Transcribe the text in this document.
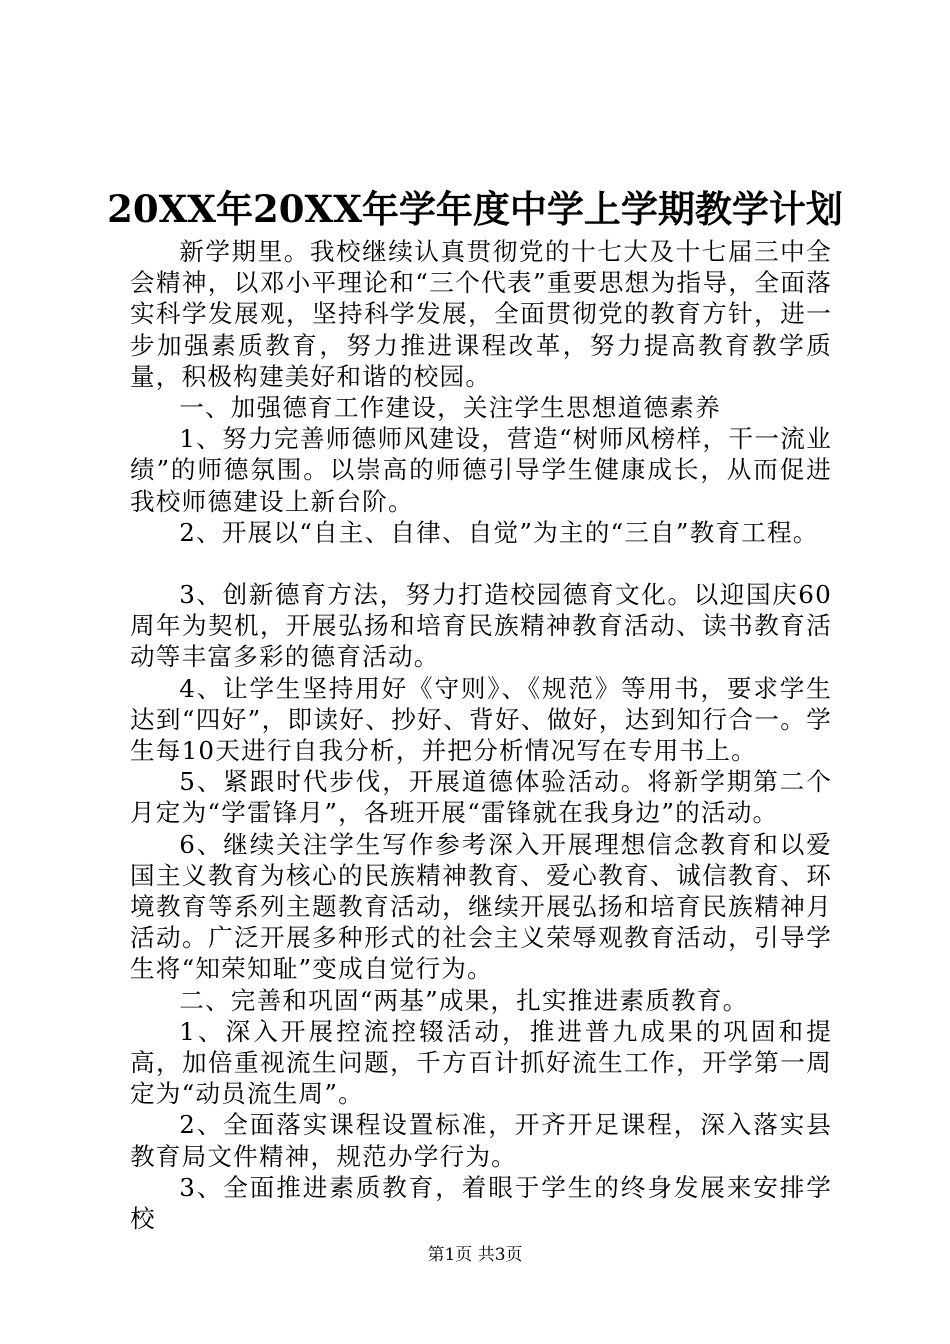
20XX年20XX年学年度中学上学期教学计划

新学期里。我校继续认真贯彻党的十七大及十七届三中全会精神，以邓小平理论和“三个代表”重要思想为指导，全面落实科学发展观，坚持科学发展，全面贯彻党的教育方针，进一步加强素质教育，努力推进课程改革，努力提高教育教学质量，积极构建美好和谐的校园。

一、加强德育工作建设，关注学生思想道德素养

1、努力完善师德师风建设，营造“树师风榜样，干一流业绩”的师德氛围。以崇高的师德引导学生健康成长，从而促进我校师德建设上新台阶。

2、开展以“自主、自律、自觉”为主的“三自”教育工程。

3、创新德育方法，努力打造校园德育文化。以迎国庆60周年为契机，开展弘扬和培育民族精神教育活动、读书教育活动等丰富多彩的德育活动。

4、让学生坚持用好《守则》、《规范》等用书，要求学生达到“四好”，即读好、抄好、背好、做好，达到知行合一。学生每10天进行自我分析，并把分析情况写在专用书上。

5、紧跟时代步伐，开展道德体验活动。将新学期第二个月定为“学雷锋月”，各班开展“雷锋就在我身边”的活动。

6、继续关注学生写作参考深入开展理想信念教育和以爱国主义教育为核心的民族精神教育、爱心教育、诚信教育、环境教育等系列主题教育活动，继续开展弘扬和培育民族精神月活动。广泛开展多种形式的社会主义荣辱观教育活动，引导学生将“知荣知耻”变成自觉行为。

二、完善和巩固“两基”成果，扎实推进素质教育。

1、深入开展控流控辍活动，推进普九成果的巩固和提高，加倍重视流生问题，千方百计抓好流生工作，开学第一周定为“动员流生周”。

2、全面落实课程设置标准，开齐开足课程，深入落实县教育局文件精神，规范办学行为。

3、全面推进素质教育，着眼于学生的终身发展来安排学校

第1页 共3页
